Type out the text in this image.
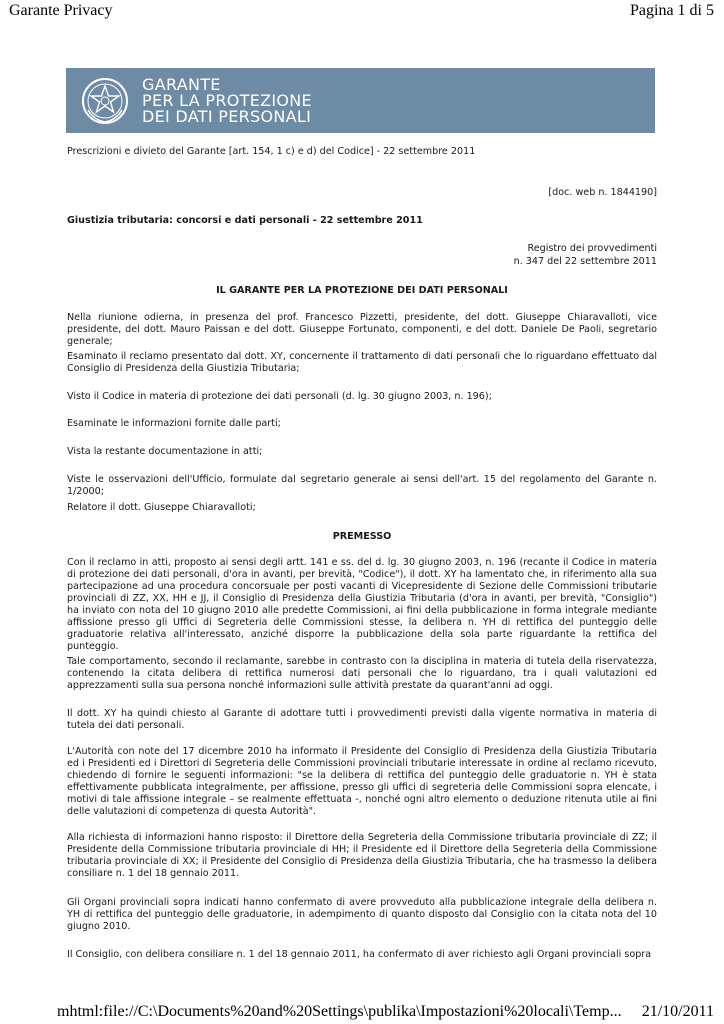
Garante Privacy	Pagina 1 di 5
GARANTE
PER LA PROTEZIONE
DEI DATI PERSONALI
Prescrizioni e divieto del Garante [art. 154, 1 c) e d) del Codice] - 22 settembre 2011
[doc. web n. 1844190]
Giustizia tributaria: concorsi e dati personali - 22 settembre 2011
Registro dei provvedimenti
n. 347 del 22 settembre 2011
IL GARANTE PER LA PROTEZIONE DEI DATI PERSONALI

Nella riunione odierna, in presenza del prof. Francesco Pizzetti, presidente, del dott. Giuseppe Chiaravalloti, vice presidente, del dott. Mauro Paissan e del dott. Giuseppe Fortunato, componenti, e del dott. Daniele De Paoli, segretario generale;

Esaminato il reclamo presentato dal dott. XY, concernente il trattamento di dati personali che lo riguardano effettuato dal Consiglio di Presidenza della Giustizia Tributaria;

Visto il Codice in materia di protezione dei dati personali (d. lg. 30 giugno 2003, n. 196);

Esaminate le informazioni fornite dalle parti;

Vista la restante documentazione in atti;

Viste le osservazioni dell'Ufficio, formulate dal segretario generale ai sensi dell'art. 15 del regolamento del Garante n. 1/2000;

Relatore il dott. Giuseppe Chiaravalloti;

PREMESSO

Con il reclamo in atti, proposto ai sensi degli artt. 141 e ss. del d. lg. 30 giugno 2003, n. 196 (recante il Codice in materia di protezione dei dati personali, d'ora in avanti, per brevità, "Codice"), il dott. XY ha lamentato che, in riferimento alla sua partecipazione ad una procedura concorsuale per posti vacanti di Vicepresidente di Sezione delle Commissioni tributarie provinciali di ZZ, XX, HH e JJ, il Consiglio di Presidenza della Giustizia Tributaria (d'ora in avanti, per brevità, "Consiglio") ha inviato con nota del 10 giugno 2010 alle predette Commissioni, ai fini della pubblicazione in forma integrale mediante affissione presso gli Uffici di Segreteria delle Commissioni stesse, la delibera n. YH di rettifica del punteggio delle graduatorie relativa all'interessato, anziché disporre la pubblicazione della sola parte riguardante la rettifica del punteggio.

Tale comportamento, secondo il reclamante, sarebbe in contrasto con la disciplina in materia di tutela della riservatezza, contenendo la citata delibera di rettifica numerosi dati personali che lo riguardano, tra i quali valutazioni ed apprezzamenti sulla sua persona nonché informazioni sulle attività prestate da quarant'anni ad oggi.

Il dott. XY ha quindi chiesto al Garante di adottare tutti i provvedimenti previsti dalla vigente normativa in materia di tutela dei dati personali.

L'Autorità con note del 17 dicembre 2010 ha informato il Presidente del Consiglio di Presidenza della Giustizia Tributaria ed i Presidenti ed i Direttori di Segreteria delle Commissioni provinciali tributarie interessate in ordine al reclamo ricevuto, chiedendo di fornire le seguenti informazioni: "se la delibera di rettifica del punteggio delle graduatorie n. YH è stata effettivamente pubblicata integralmente, per affissione, presso gli uffici di segreteria delle Commissioni sopra elencate, i motivi di tale affissione integrale – se realmente effettuata -, nonché ogni altro elemento o deduzione ritenuta utile ai fini delle valutazioni di competenza di questa Autorità".

Alla richiesta di informazioni hanno risposto: il Direttore della Segreteria della Commissione tributaria provinciale di ZZ; il Presidente della Commissione tributaria provinciale di HH; il Presidente ed il Direttore della Segreteria della Commissione tributaria provinciale di XX; il Presidente del Consiglio di Presidenza della Giustizia Tributaria, che ha trasmesso la delibera consiliare n. 1 del 18 gennaio 2011.

Gli Organi provinciali sopra indicati hanno confermato di avere provveduto alla pubblicazione integrale della delibera n. YH di rettifica del punteggio delle graduatorie, in adempimento di quanto disposto dal Consiglio con la citata nota del 10 giugno 2010.

Il Consiglio, con delibera consiliare n. 1 del 18 gennaio 2011, ha confermato di aver richiesto agli Organi provinciali sopra

mhtml:file://C:\Documents%20and%20Settings\publika\Impostazioni%20locali\Temp... 21/10/2011
